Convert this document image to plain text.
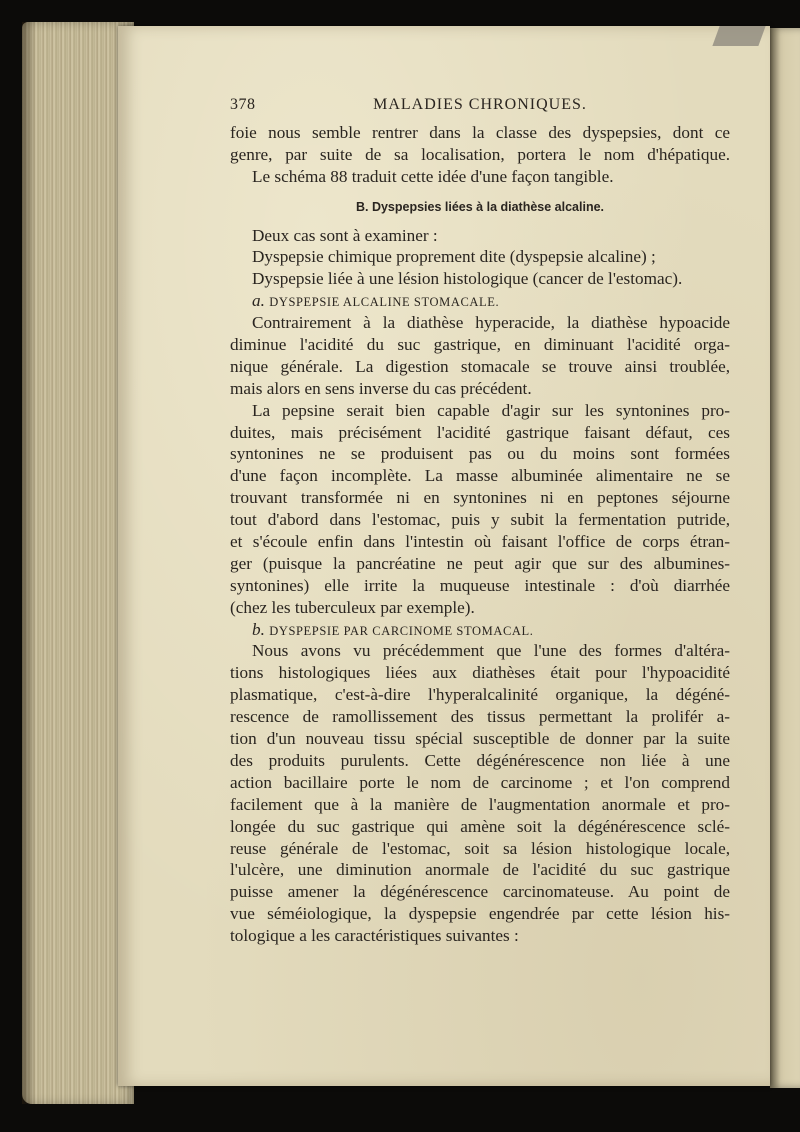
378	MALADIES CHRONIQUES.
foie nous semble rentrer dans la classe des dyspepsies, dont ce
genre, par suite de sa localisation, portera le nom d'hépatique.
Le schéma 88 traduit cette idée d'une façon tangible.
B. Dyspepsies liées à la diathèse alcaline.
Deux cas sont à examiner :
Dyspepsie chimique proprement dite (dyspepsie alcaline) ;
Dyspepsie liée à une lésion histologique (cancer de l'estomac).
a. DYSPEPSIE ALCALINE STOMACALE.
Contrairement à la diathèse hyperacide, la diathèse hypoacide
diminue l'acidité du suc gastrique, en diminuant l'acidité orga-
nique générale. La digestion stomacale se trouve ainsi troublée,
mais alors en sens inverse du cas précédent.
La pepsine serait bien capable d'agir sur les syntonines pro-
duites, mais précisément l'acidité gastrique faisant défaut, ces
syntonines ne se produisent pas ou du moins sont formées
d'une façon incomplète. La masse albuminée alimentaire ne se
trouvant transformée ni en syntonines ni en peptones séjourne
tout d'abord dans l'estomac, puis y subit la fermentation putride,
et s'écoule enfin dans l'intestin où faisant l'office de corps étran-
ger (puisque la pancréatine ne peut agir que sur des albumines-
syntonines) elle irrite la muqueuse intestinale : d'où diarrhée
(chez les tuberculeux par exemple).
b. DYSPEPSIE PAR CARCINOME STOMACAL.
Nous avons vu précédemment que l'une des formes d'altéra-
tions histologiques liées aux diathèses était pour l'hypoacidité
plasmatique, c'est-à-dire l'hyperalcalinité organique, la dégéné-
rescence de ramollissement des tissus permettant la prolifér a-
tion d'un nouveau tissu spécial susceptible de donner par la suite
des produits purulents. Cette dégénérescence non liée à une
action bacillaire porte le nom de carcinome ; et l'on comprend
facilement que à la manière de l'augmentation anormale et pro-
longée du suc gastrique qui amène soit la dégénérescence sclé-
reuse générale de l'estomac, soit sa lésion histologique locale,
l'ulcère, une diminution anormale de l'acidité du suc gastrique
puisse amener la dégénérescence carcinomateuse. Au point de
vue séméiologique, la dyspepsie engendrée par cette lésion his-
tologique a les caractéristiques suivantes :
